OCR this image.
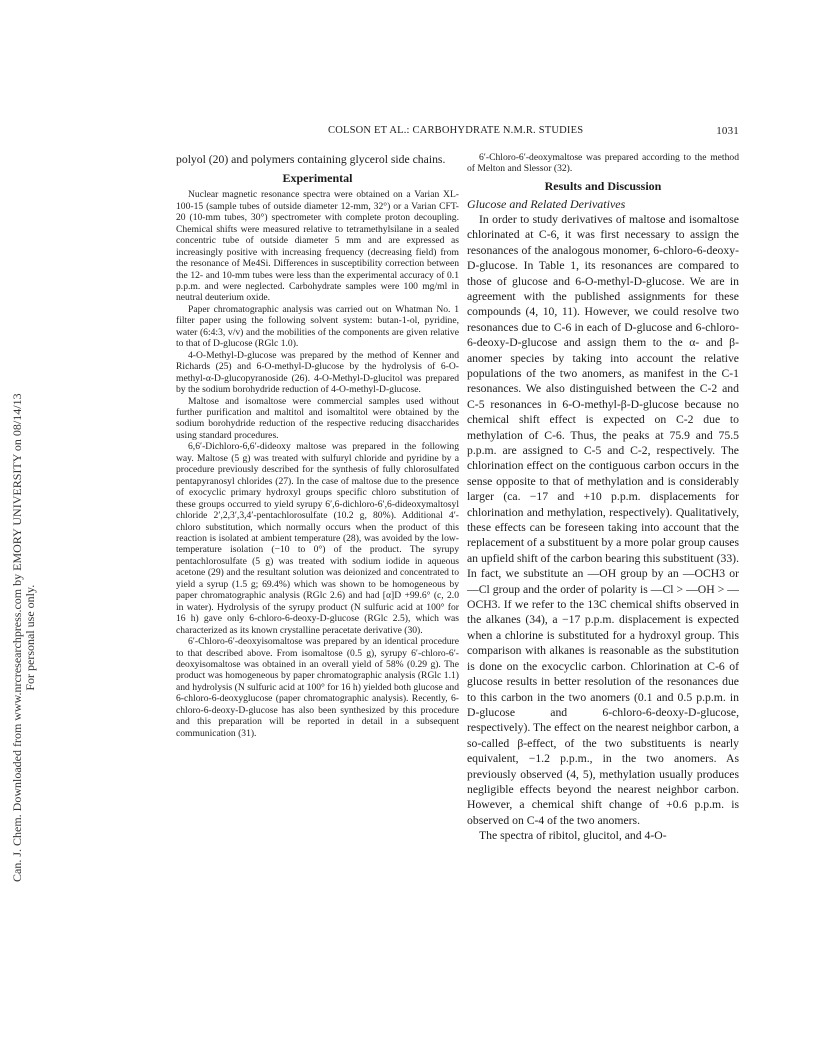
Can. J. Chem. Downloaded from www.nrcresearchpress.com by EMORY UNIVERSITY on 08/14/13 For personal use only.
COLSON ET AL.: CARBOHYDRATE N.M.R. STUDIES	1031

polyol (20) and polymers containing glycerol side chains.

Experimental

Nuclear magnetic resonance spectra were obtained on a Varian XL-100-15 (sample tubes of outside diameter 12-mm, 32°) or a Varian CFT-20 (10-mm tubes, 30°) spectrometer with complete proton decoupling. Chemical shifts were measured relative to tetramethylsilane in a sealed concentric tube of outside diameter 5 mm and are expressed as increasingly positive with increasing frequency (decreasing field) from the resonance of Me4Si. Differences in susceptibility correction between the 12- and 10-mm tubes were less than the experimental accuracy of 0.1 p.p.m. and were neglected. Carbohydrate samples were 100 mg/ml in neutral deuterium oxide.

Paper chromatographic analysis was carried out on Whatman No. 1 filter paper using the following solvent system: butan-1-ol, pyridine, water (6:4:3, v/v) and the mobilities of the components are given relative to that of D-glucose (RGlc 1.0).

4-O-Methyl-D-glucose was prepared by the method of Kenner and Richards (25) and 6-O-methyl-D-glucose by the hydrolysis of 6-O-methyl-α-D-glucopyranoside (26). 4-O-Methyl-D-glucitol was prepared by the sodium borohydride reduction of 4-O-methyl-D-glucose.

Maltose and isomaltose were commercial samples used without further purification and maltitol and isomaltitol were obtained by the sodium borohydride reduction of the respective reducing disaccharides using standard procedures.

6,6′-Dichloro-6,6′-dideoxy maltose was prepared in the following way. Maltose (5 g) was treated with sulfuryl chloride and pyridine by a procedure previously described for the synthesis of fully chlorosulfated pentapyranosyl chlorides (27). In the case of maltose due to the presence of exocyclic primary hydroxyl groups specific chloro substitution of these groups occurred to yield syrupy 6′,6-dichloro-6′,6-dideoxymaltosyl chloride 2′,2,3′,3,4′-pentachlorosulfate (10.2 g, 80%). Additional 4′-chloro substitution, which normally occurs when the product of this reaction is isolated at ambient temperature (28), was avoided by the low-temperature isolation (−10 to 0°) of the product. The syrupy pentachlorosulfate (5 g) was treated with sodium iodide in aqueous acetone (29) and the resultant solution was deionized and concentrated to yield a syrup (1.5 g; 69.4%) which was shown to be homogeneous by paper chromatographic analysis (RGlc 2.6) and had [α]D +99.6° (c, 2.0 in water). Hydrolysis of the syrupy product (N sulfuric acid at 100° for 16 h) gave only 6-chloro-6-deoxy-D-glucose (RGlc 2.5), which was characterized as its known crystalline peracetate derivative (30).

6′-Chloro-6′-deoxyisomaltose was prepared by an identical procedure to that described above. From isomaltose (0.5 g), syrupy 6′-chloro-6′-deoxyisomaltose was obtained in an overall yield of 58% (0.29 g). The product was homogeneous by paper chromatographic analysis (RGlc 1.1) and hydrolysis (N sulfuric acid at 100° for 16 h) yielded both glucose and 6-chloro-6-deoxyglucose (paper chromatographic analysis). Recently, 6-chloro-6-deoxy-D-glucose has also been synthesized by this procedure and this preparation will be reported in detail in a subsequent communication (31).

6′-Chloro-6′-deoxymaltose was prepared according to the method of Melton and Slessor (32).

Results and Discussion

Glucose and Related Derivatives

In order to study derivatives of maltose and isomaltose chlorinated at C-6, it was first necessary to assign the resonances of the analogous monomer, 6-chloro-6-deoxy-D-glucose. In Table 1, its resonances are compared to those of glucose and 6-O-methyl-D-glucose. We are in agreement with the published assignments for these compounds (4, 10, 11). However, we could resolve two resonances due to C-6 in each of D-glucose and 6-chloro-6-deoxy-D-glucose and assign them to the α- and β-anomer species by taking into account the relative populations of the two anomers, as manifest in the C-1 resonances. We also distinguished between the C-2 and C-5 resonances in 6-O-methyl-β-D-glucose because no chemical shift effect is expected on C-2 due to methylation of C-6. Thus, the peaks at 75.9 and 75.5 p.p.m. are assigned to C-5 and C-2, respectively. The chlorination effect on the contiguous carbon occurs in the sense opposite to that of methylation and is considerably larger (ca. −17 and +10 p.p.m. displacements for chlorination and methylation, respectively). Qualitatively, these effects can be foreseen taking into account that the replacement of a substituent by a more polar group causes an upfield shift of the carbon bearing this substituent (33). In fact, we substitute an —OH group by an —OCH3 or —Cl group and the order of polarity is —Cl > —OH > —OCH3. If we refer to the 13C chemical shifts observed in the alkanes (34), a −17 p.p.m. displacement is expected when a chlorine is substituted for a hydroxyl group. This comparison with alkanes is reasonable as the substitution is done on the exocyclic carbon. Chlorination at C-6 of glucose results in better resolution of the resonances due to this carbon in the two anomers (0.1 and 0.5 p.p.m. in D-glucose and 6-chloro-6-deoxy-D-glucose, respectively). The effect on the nearest neighbor carbon, a so-called β-effect, of the two substituents is nearly equivalent, −1.2 p.p.m., in the two anomers. As previously observed (4, 5), methylation usually produces negligible effects beyond the nearest neighbor carbon. However, a chemical shift change of +0.6 p.p.m. is observed on C-4 of the two anomers.

The spectra of ribitol, glucitol, and 4-O-
